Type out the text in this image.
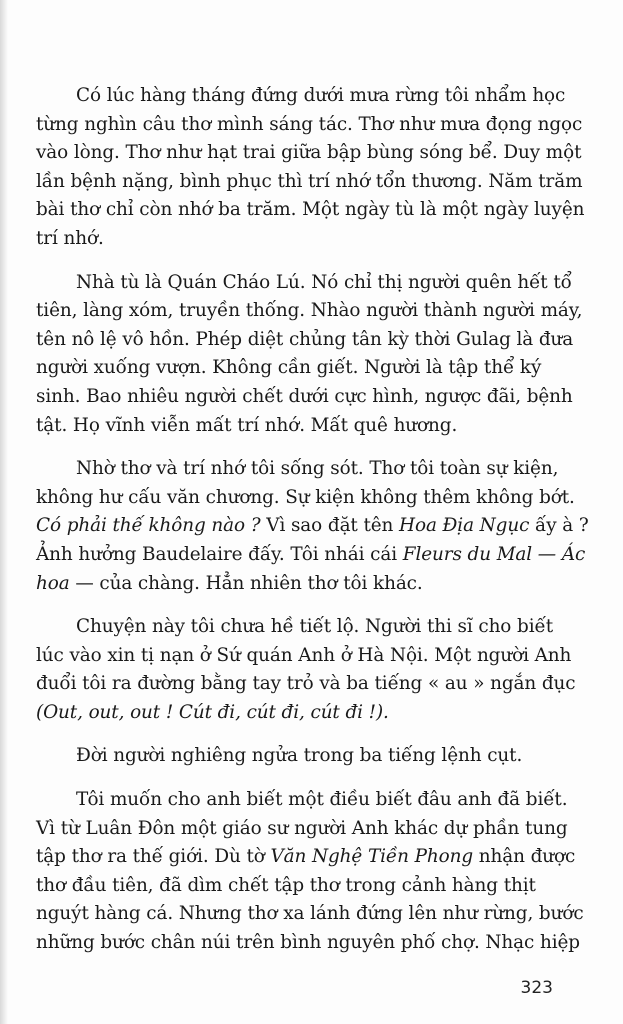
Có lúc hàng tháng đứng dưới mưa rừng tôi nhẩm học
từng nghìn câu thơ mình sáng tác. Thơ như mưa đọng ngọc
vào lòng. Thơ như hạt trai giữa bập bùng sóng bể. Duy một
lần bệnh nặng, bình phục thì trí nhớ tổn thương. Năm trăm
bài thơ chỉ còn nhớ ba trăm. Một ngày tù là một ngày luyện
trí nhớ.

Nhà tù là Quán Cháo Lú. Nó chỉ thị người quên hết tổ
tiên, làng xóm, truyền thống. Nhào người thành người máy,
tên nô lệ vô hồn. Phép diệt chủng tân kỳ thời Gulag là đưa
người xuống vượn. Không cần giết. Người là tập thể ký
sinh. Bao nhiêu người chết dưới cực hình, ngược đãi, bệnh
tật. Họ vĩnh viễn mất trí nhớ. Mất quê hương.

Nhờ thơ và trí nhớ tôi sống sót. Thơ tôi toàn sự kiện,
không hư cấu văn chương. Sự kiện không thêm không bớt.
Có phải thế không nào ? Vì sao đặt tên Hoa Địa Ngục ấy à ?
Ảnh hưởng Baudelaire đấy. Tôi nhái cái Fleurs du Mal — Ác
hoa — của chàng. Hẳn nhiên thơ tôi khác.

Chuyện này tôi chưa hề tiết lộ. Người thi sĩ cho biết
lúc vào xin tị nạn ở Sứ quán Anh ở Hà Nội. Một người Anh
đuổi tôi ra đường bằng tay trỏ và ba tiếng « au » ngắn đục
(Out, out, out ! Cút đi, cút đi, cút đi !).

Đời người nghiêng ngửa trong ba tiếng lệnh cụt.

Tôi muốn cho anh biết một điều biết đâu anh đã biết.
Vì từ Luân Đôn một giáo sư người Anh khác dự phần tung
tập thơ ra thế giới. Dù tờ Văn Nghệ Tiền Phong nhận được
thơ đầu tiên, đã dìm chết tập thơ trong cảnh hàng thịt
nguýt hàng cá. Nhưng thơ xa lánh đứng lên như rừng, bước
những bước chân núi trên bình nguyên phố chợ. Nhạc hiệp

323
